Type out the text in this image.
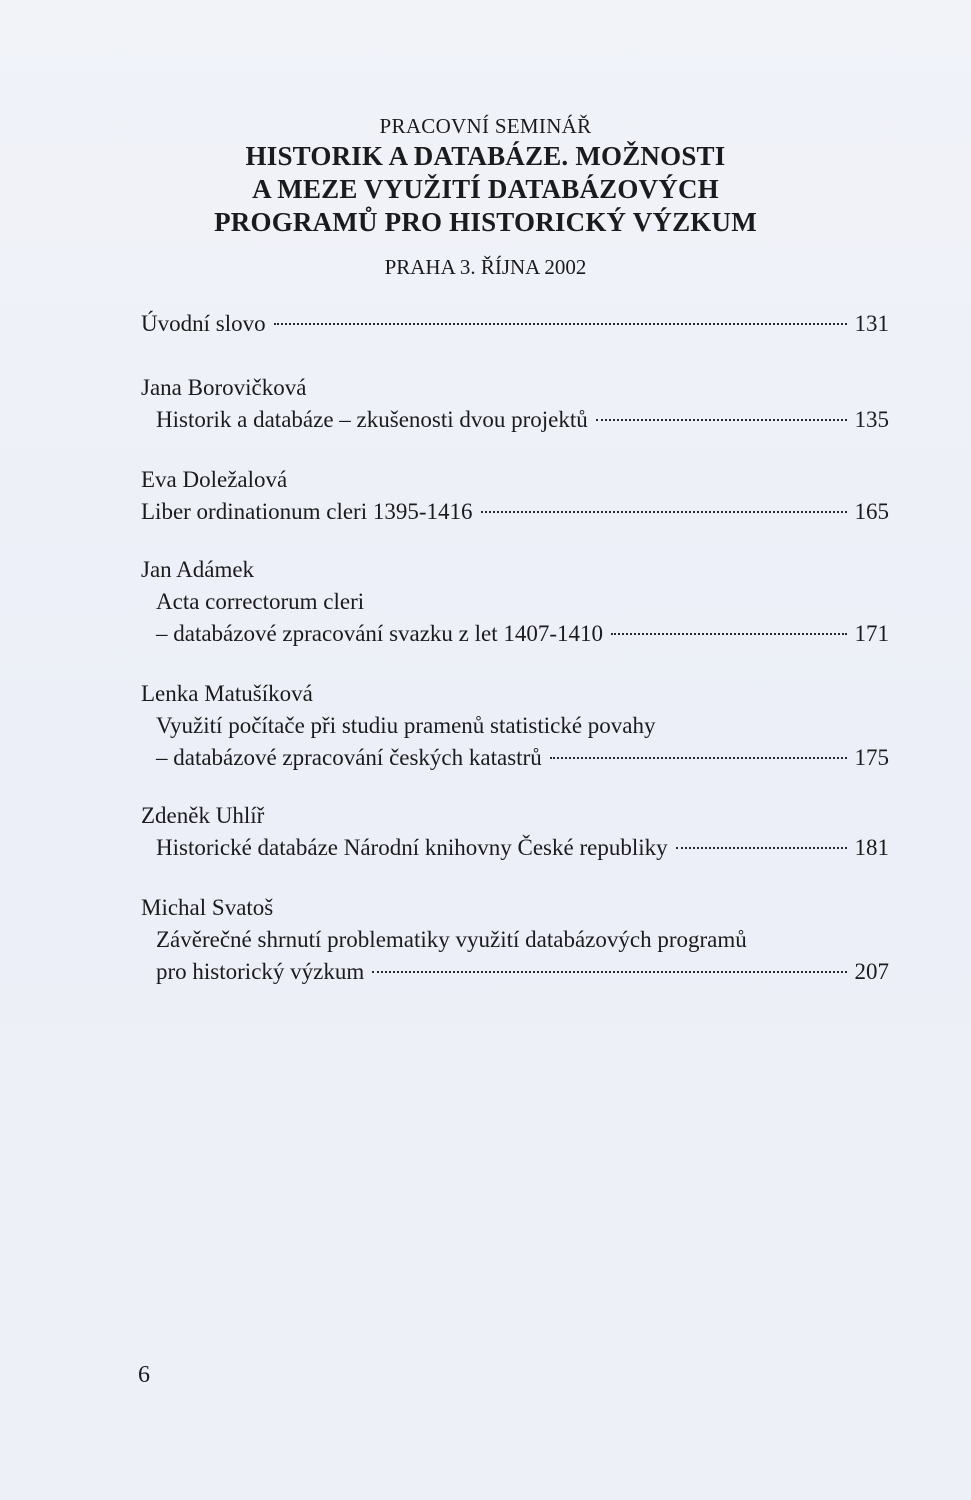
PRACOVNÍ SEMINÁŘ
HISTORIK A DATABÁZE. MOŽNOSTI
A MEZE VYUŽITÍ DATABÁZOVÝCH
PROGRAMŮ PRO HISTORICKÝ VÝZKUM
PRAHA 3. ŘÍJNA 2002
Úvodní slovo	131
Jana Borovičková
Historik a databáze – zkušenosti dvou projektů	135
Eva Doležalová
Liber ordinationum cleri 1395-1416	165
Jan Adámek
Acta correctorum cleri
– databázové zpracování svazku z let 1407-1410	171
Lenka Matušíková
Využití počítače při studiu pramenů statistické povahy
– databázové zpracování českých katastrů	175
Zdeněk Uhlíř
Historické databáze Národní knihovny České republiky	181
Michal Svatoš
Závěrečné shrnutí problematiky využití databázových programů
pro historický výzkum	207
6
